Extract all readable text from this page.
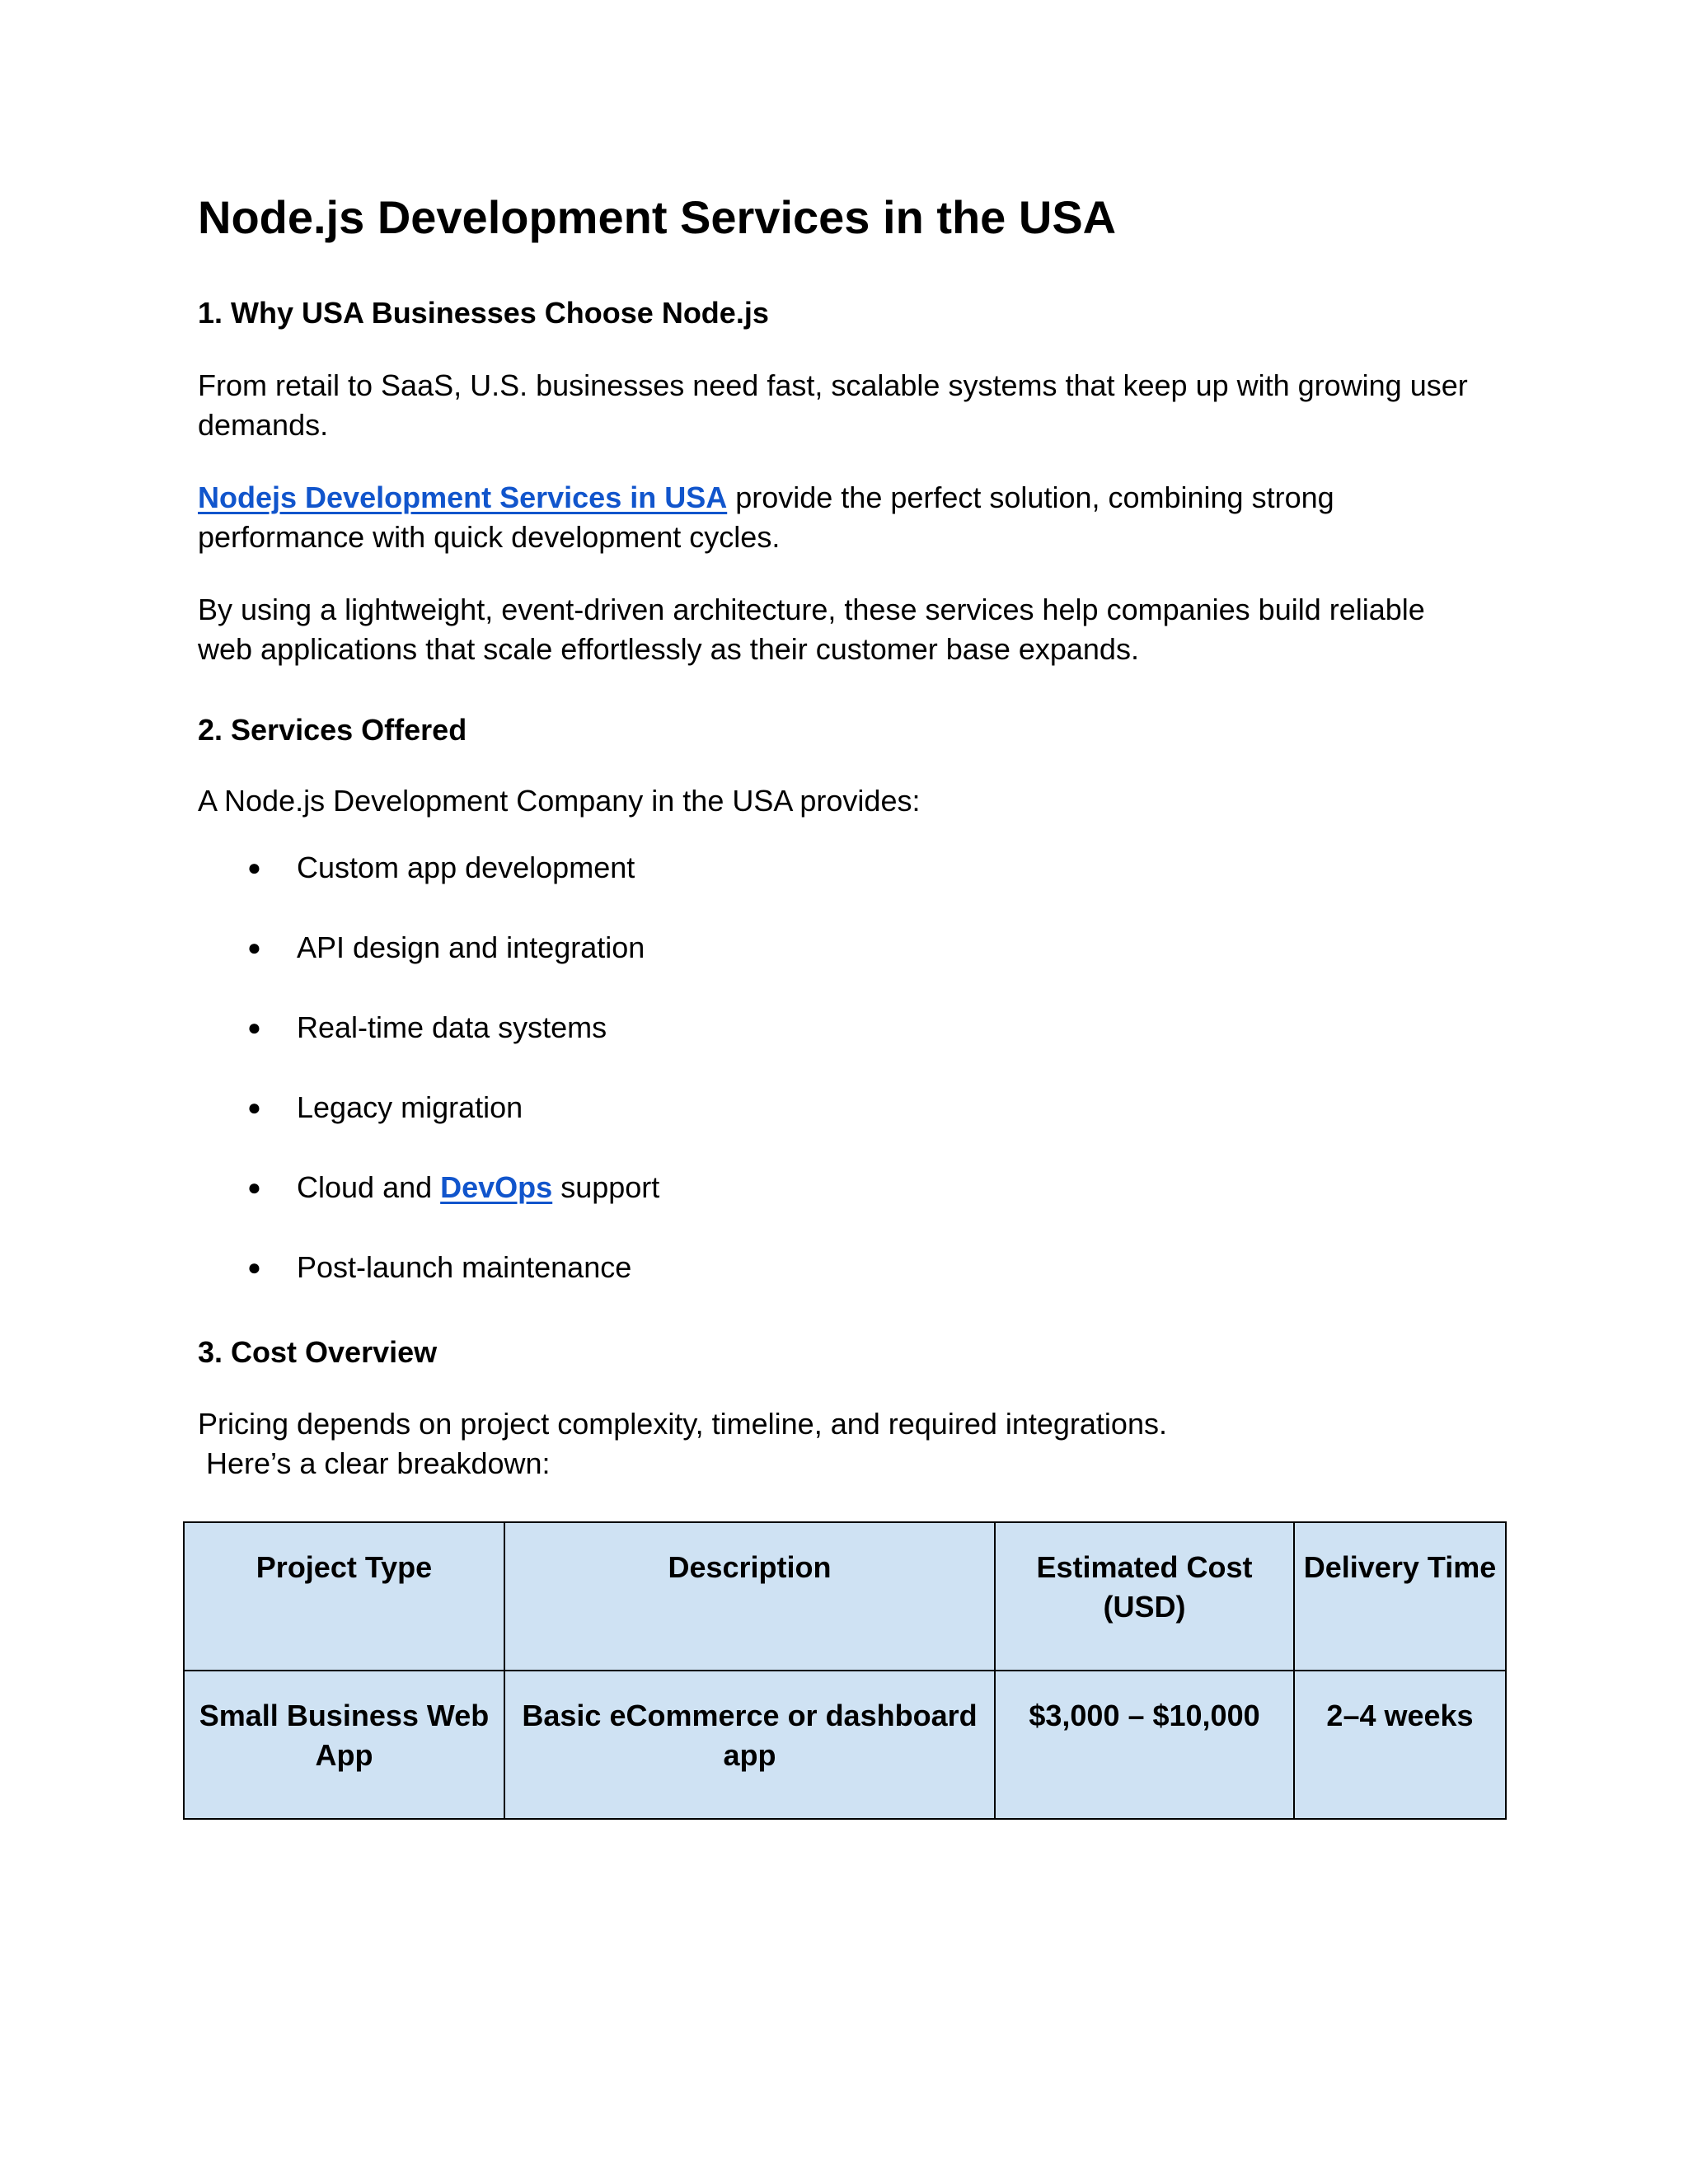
Node.js Development Services in the USA
1. Why USA Businesses Choose Node.js

From retail to SaaS, U.S. businesses need fast, scalable systems that keep up with growing user demands.

Nodejs Development Services in USA provide the perfect solution, combining strong performance with quick development cycles.

By using a lightweight, event-driven architecture, these services help companies build reliable web applications that scale effortlessly as their customer base expands.

2. Services Offered

A Node.js Development Company in the USA provides:

● Custom app development
● API design and integration
● Real-time data systems
● Legacy migration
● Cloud and DevOps support
● Post-launch maintenance
3. Cost Overview

Pricing depends on project complexity, timeline, and required integrations.
Here’s a clear breakdown:

Project Type	Description	Estimated Cost (USD)	Delivery Time
Small Business Web App	Basic eCommerce or dashboard app	$3,000 – $10,000	2–4 weeks
